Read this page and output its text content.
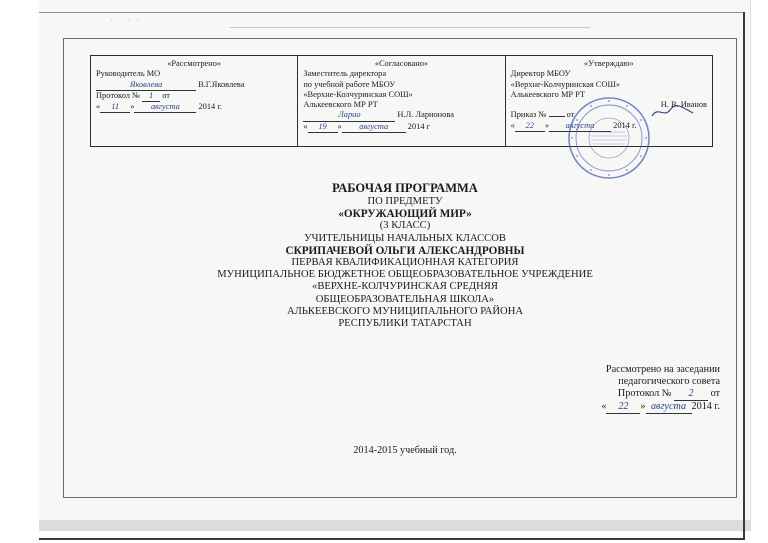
· · · ·
«Рассмотрено»
Руководитель МО
Яковлева	В.Г.Яковлева
Протокол № 1 от
« 11 » августа 2014 г.
«Согласовано»
Заместитель директора
по учебной работе МБОУ
«Верхне-Колчуринская СОШ»
Алькеевского МР РТ
Ларио	Н.Л. Ларионова
« 19 » августа 2014 г
«Утверждаю»
Директор МБОУ
«Верхне-Колчуринская СОШ»
Алькеевского МР РТ
Н. В. Иванов
Приказ № от
« 22 » августа 2014 г.
РАБОЧАЯ ПРОГРАММА
ПО ПРЕДМЕТУ
«ОКРУЖАЮЩИЙ МИР»
(3 КЛАСС)
УЧИТЕЛЬНИЦЫ НАЧАЛЬНЫХ КЛАССОВ
СКРИПАЧЕВОЙ ОЛЬГИ АЛЕКСАНДРОВНЫ
ПЕРВАЯ КВАЛИФИКАЦИОННАЯ КАТЕГОРИЯ
МУНИЦИПАЛЬНОЕ БЮДЖЕТНОЕ ОБЩЕОБРАЗОВАТЕЛЬНОЕ УЧРЕЖДЕНИЕ
«ВЕРХНЕ-КОЛЧУРИНСКАЯ СРЕДНЯЯ
ОБЩЕОБРАЗОВАТЕЛЬНАЯ ШКОЛА»
АЛЬКЕЕВСКОГО МУНИЦИПАЛЬНОГО РАЙОНА
РЕСПУБЛИКИ ТАТАРСТАН
Рассмотрено на заседании
педагогического совета
Протокол № 2 от
« 22 » августа 2014 г.
2014-2015 учебный год.
